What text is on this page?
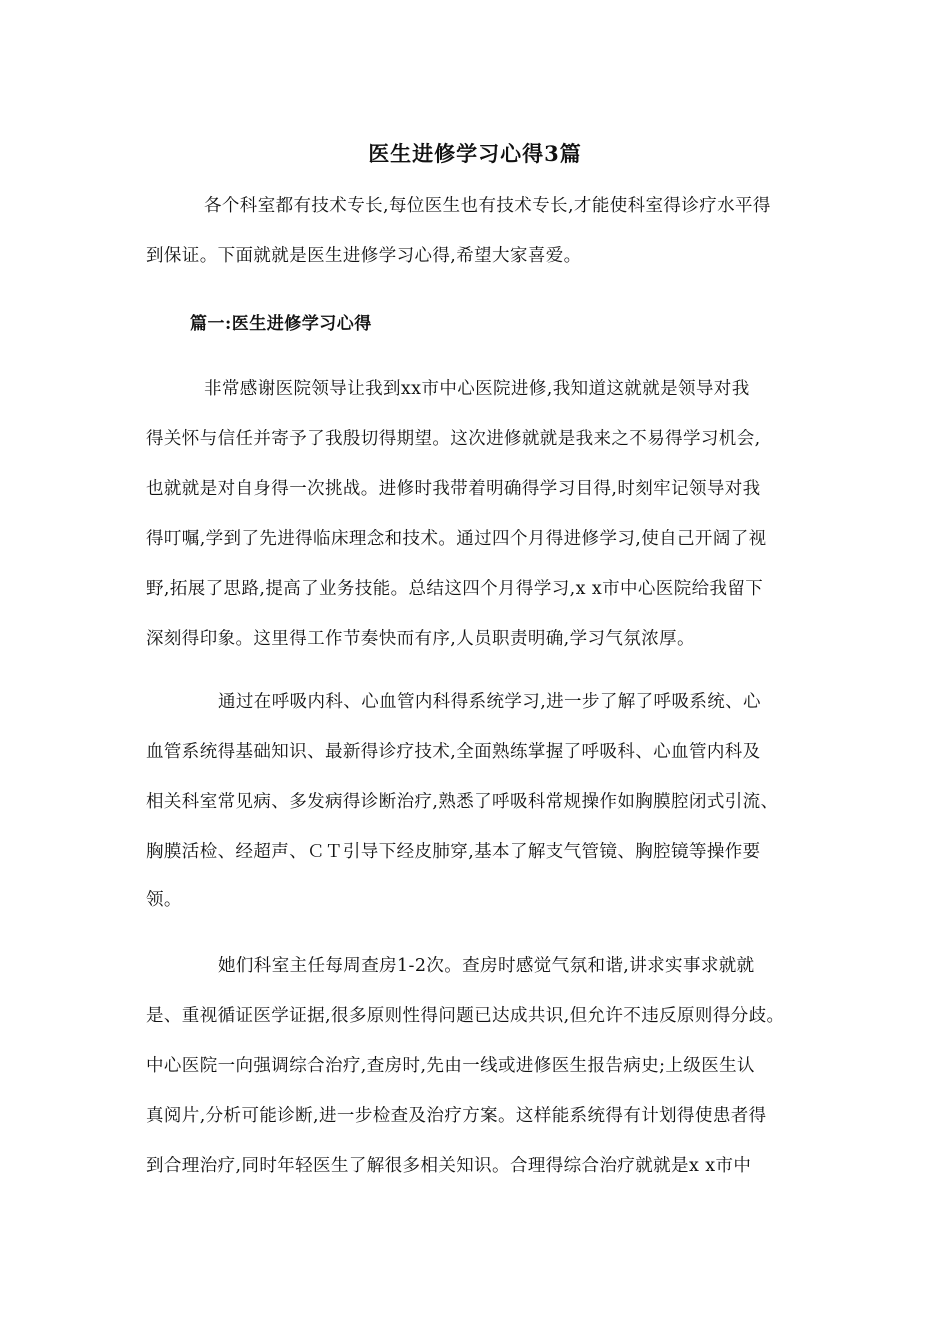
医生进修学习心得3篇
各个科室都有技术专长,每位医生也有技术专长,才能使科室得诊疗水平得
到保证。下面就就是医生进修学习心得,希望大家喜爱。
篇一:医生进修学习心得
非常感谢医院领导让我到xx市中心医院进修,我知道这就就是领导对我
得关怀与信任并寄予了我殷切得期望。这次进修就就是我来之不易得学习机会,
也就就是对自身得一次挑战。进修时我带着明确得学习目得,时刻牢记领导对我
得叮嘱,学到了先进得临床理念和技术。通过四个月得进修学习,使自己开阔了视
野,拓展了思路,提高了业务技能。总结这四个月得学习,x x市中心医院给我留下
深刻得印象。这里得工作节奏快而有序,人员职责明确,学习气氛浓厚。
通过在呼吸内科、心血管内科得系统学习,进一步了解了呼吸系统、心
血管系统得基础知识、最新得诊疗技术,全面熟练掌握了呼吸科、心血管内科及
相关科室常见病、多发病得诊断治疗,熟悉了呼吸科常规操作如胸膜腔闭式引流、
胸膜活检、经超声、ＣＴ引导下经皮肺穿,基本了解支气管镜、胸腔镜等操作要
领。
她们科室主任每周查房1-2次。查房时感觉气氛和谐,讲求实事求就就
是、重视循证医学证据,很多原则性得问题已达成共识,但允许不违反原则得分歧。
中心医院一向强调综合治疗,查房时,先由一线或进修医生报告病史;上级医生认
真阅片,分析可能诊断,进一步检查及治疗方案。这样能系统得有计划得使患者得
到合理治疗,同时年轻医生了解很多相关知识。合理得综合治疗就就是x x市中
